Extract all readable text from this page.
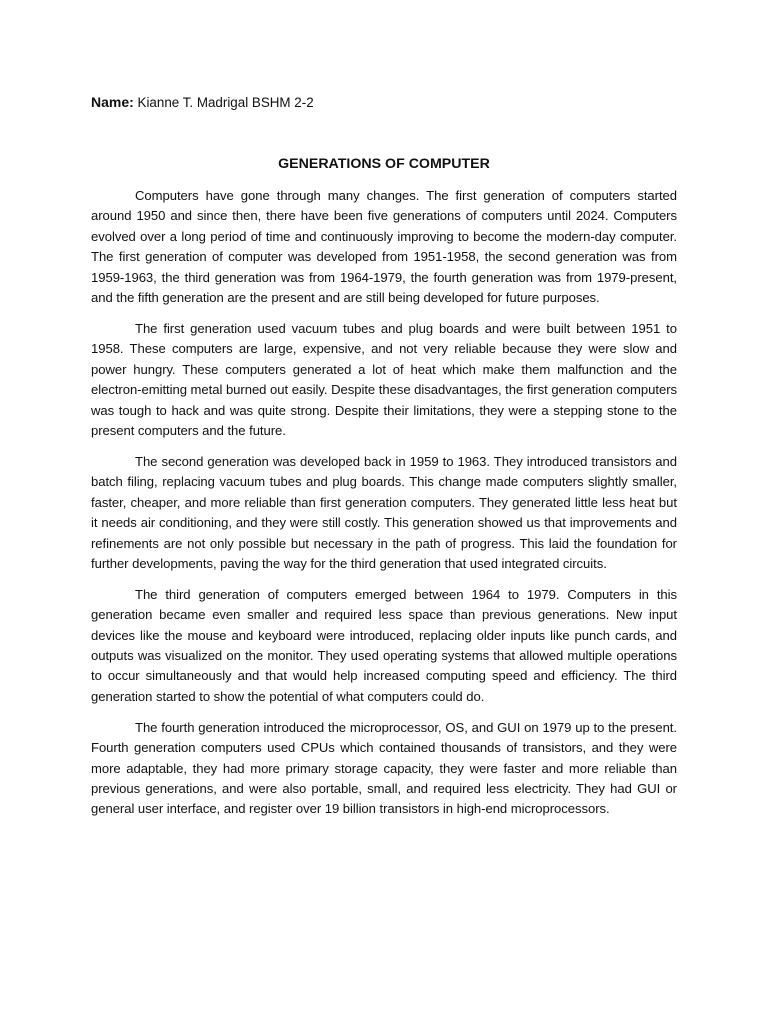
Name: Kianne T. Madrigal BSHM 2-2
GENERATIONS OF COMPUTER

Computers have gone through many changes. The first generation of computers started around 1950 and since then, there have been five generations of computers until 2024. Computers evolved over a long period of time and continuously improving to become the modern-day computer. The first generation of computer was developed from 1951-1958, the second generation was from 1959-1963, the third generation was from 1964-1979, the fourth generation was from 1979-present, and the fifth generation are the present and are still being developed for future purposes.

The first generation used vacuum tubes and plug boards and were built between 1951 to 1958. These computers are large, expensive, and not very reliable because they were slow and power hungry. These computers generated a lot of heat which make them malfunction and the electron-emitting metal burned out easily. Despite these disadvantages, the first generation computers was tough to hack and was quite strong. Despite their limitations, they were a stepping stone to the present computers and the future.

The second generation was developed back in 1959 to 1963. They introduced transistors and batch filing, replacing vacuum tubes and plug boards. This change made computers slightly smaller, faster, cheaper, and more reliable than first generation computers. They generated little less heat but it needs air conditioning, and they were still costly. This generation showed us that improvements and refinements are not only possible but necessary in the path of progress. This laid the foundation for further developments, paving the way for the third generation that used integrated circuits.

The third generation of computers emerged between 1964 to 1979. Computers in this generation became even smaller and required less space than previous generations. New input devices like the mouse and keyboard were introduced, replacing older inputs like punch cards, and outputs was visualized on the monitor. They used operating systems that allowed multiple operations to occur simultaneously and that would help increased computing speed and efficiency. The third generation started to show the potential of what computers could do.

The fourth generation introduced the microprocessor, OS, and GUI on 1979 up to the present. Fourth generation computers used CPUs which contained thousands of transistors, and they were more adaptable, they had more primary storage capacity, they were faster and more reliable than previous generations, and were also portable, small, and required less electricity. They had GUI or general user interface, and register over 19 billion transistors in high-end microprocessors.
